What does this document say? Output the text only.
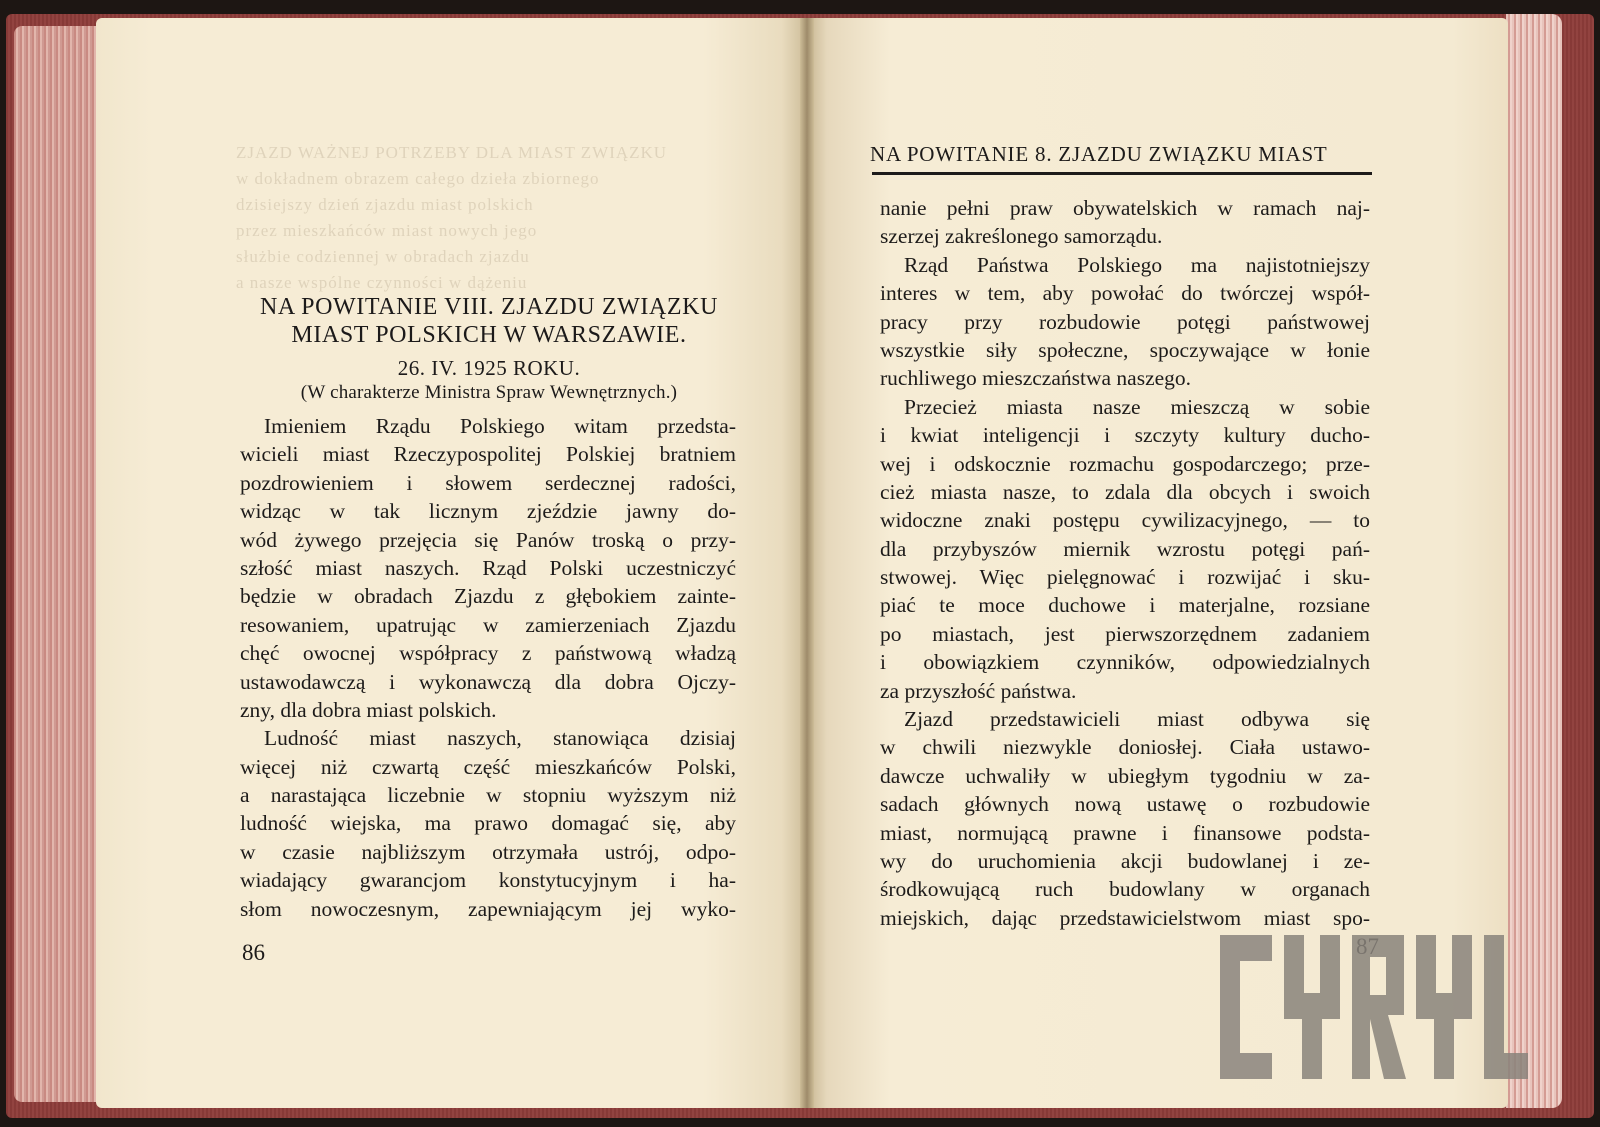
ZJAZD WAŻNEJ POTRZEBY DLA MIAST ZWIĄZKU
w dokładnem obrazem całego dzieła zbiornego
dzisiejszy dzień zjazdu miast polskich
przez mieszkańców miast nowych jego
służbie codziennej w obradach zjazdu
a nasze wspólne czynności w dążeniu
NA POWITANIE VIII. ZJAZDU ZWIĄZKU
MIAST POLSKICH W WARSZAWIE.
26. IV. 1925 ROKU.
(W charakterze Ministra Spraw Wewnętrznych.)
Imieniem Rządu Polskiego witam przedsta-
wicieli miast Rzeczypospolitej Polskiej bratniem
pozdrowieniem i słowem serdecznej radości,
widząc w tak licznym zjeździe jawny do-
wód żywego przejęcia się Panów troską o przy-
szłość miast naszych. Rząd Polski uczestniczyć
będzie w obradach Zjazdu z głębokiem zainte-
resowaniem, upatrując w zamierzeniach Zjazdu
chęć owocnej współpracy z państwową władzą
ustawodawczą i wykonawczą dla dobra Ojczy-
zny, dla dobra miast polskich.
Ludność miast naszych, stanowiąca dzisiaj
więcej niż czwartą część mieszkańców Polski,
a narastająca liczebnie w stopniu wyższym niż
ludność wiejska, ma prawo domagać się, aby
w czasie najbliższym otrzymała ustrój, odpo-
wiadający gwarancjom konstytucyjnym i ha-
słom nowoczesnym, zapewniającym jej wyko-
86
NA POWITANIE 8. ZJAZDU ZWIĄZKU MIAST
nanie pełni praw obywatelskich w ramach naj-
szerzej zakreślonego samorządu.
Rząd Państwa Polskiego ma najistotniejszy
interes w tem, aby powołać do twórczej współ-
pracy przy rozbudowie potęgi państwowej
wszystkie siły społeczne, spoczywające w łonie
ruchliwego mieszczaństwa naszego.
Przecież miasta nasze mieszczą w sobie
i kwiat inteligencji i szczyty kultury ducho-
wej i odskocznie rozmachu gospodarczego; prze-
cież miasta nasze, to zdala dla obcych i swoich
widoczne znaki postępu cywilizacyjnego, — to
dla przybyszów miernik wzrostu potęgi pań-
stwowej. Więc pielęgnować i rozwijać i sku-
piać te moce duchowe i materjalne, rozsiane
po miastach, jest pierwszorzędnem zadaniem
i obowiązkiem czynników, odpowiedzialnych
za przyszłość państwa.
Zjazd przedstawicieli miast odbywa się
w chwili niezwykle doniosłej. Ciała ustawo-
dawcze uchwaliły w ubiegłym tygodniu w za-
sadach głównych nową ustawę o rozbudowie
miast, normującą prawne i finansowe podsta-
wy do uruchomienia akcji budowlanej i ze-
środkowującą ruch budowlany w organach
miejskich, dając przedstawicielstwom miast spo-
